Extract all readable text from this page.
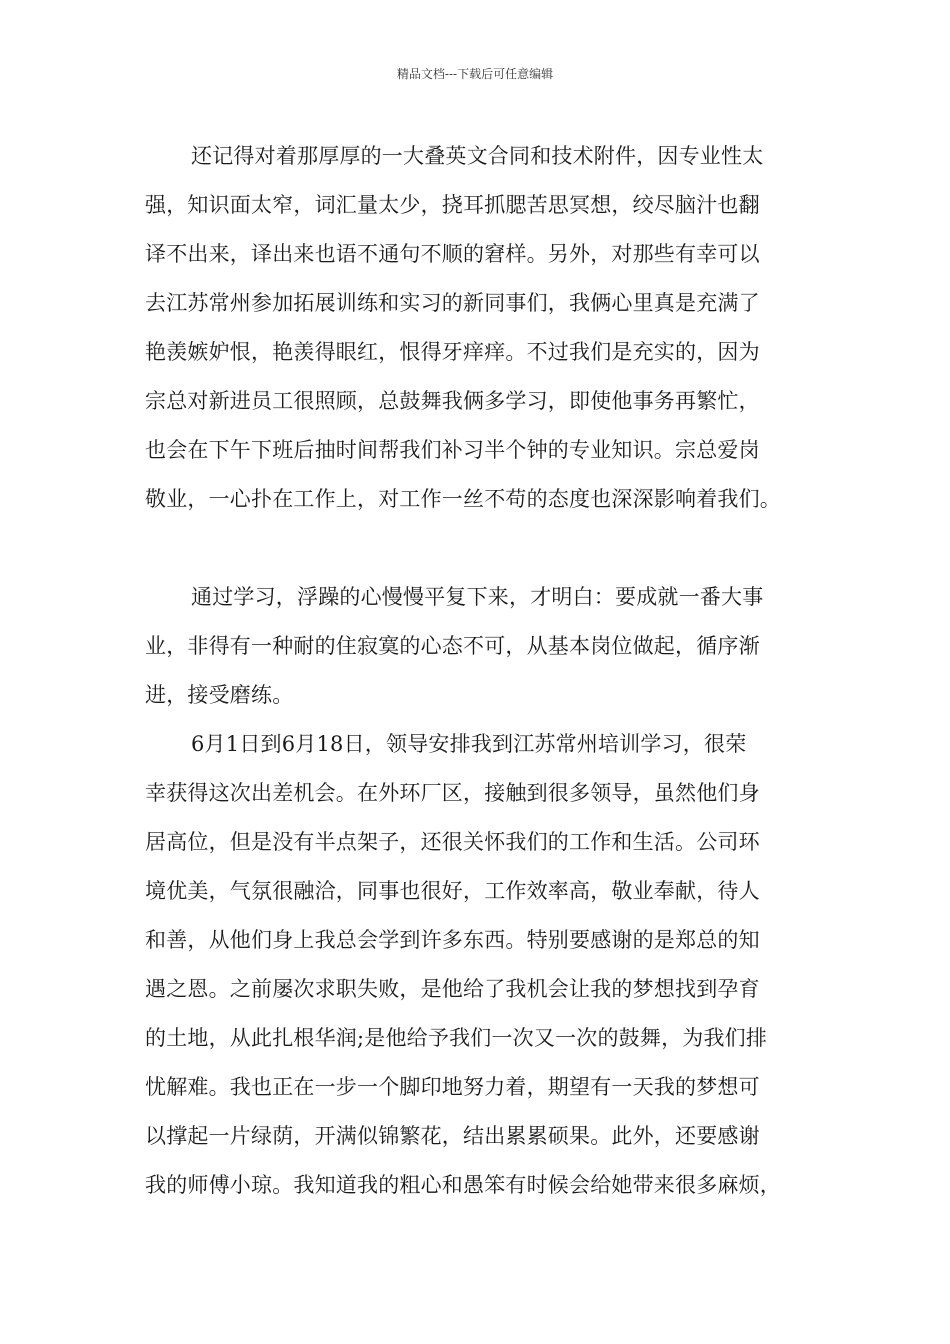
精品文档---下载后可任意编辑
还记得对着那厚厚的一大叠英文合同和技术附件，因专业性太
强，知识面太窄，词汇量太少，挠耳抓腮苦思冥想，绞尽脑汁也翻
译不出来，译出来也语不通句不顺的窘样。另外，对那些有幸可以
去江苏常州参加拓展训练和实习的新同事们，我俩心里真是充满了
艳羡嫉妒恨，艳羡得眼红，恨得牙痒痒。不过我们是充实的，因为
宗总对新进员工很照顾，总鼓舞我俩多学习，即使他事务再繁忙，
也会在下午下班后抽时间帮我们补习半个钟的专业知识。宗总爱岗
敬业，一心扑在工作上，对工作一丝不苟的态度也深深影响着我们。
通过学习，浮躁的心慢慢平复下来，才明白：要成就一番大事
业，非得有一种耐的住寂寞的心态不可，从基本岗位做起，循序渐
进，接受磨练。
6月1日到6月18日，领导安排我到江苏常州培训学习，很荣
幸获得这次出差机会。在外环厂区，接触到很多领导，虽然他们身
居高位，但是没有半点架子，还很关怀我们的工作和生活。公司环
境优美，气氛很融洽，同事也很好，工作效率高，敬业奉献，待人
和善，从他们身上我总会学到许多东西。特别要感谢的是郑总的知
遇之恩。之前屡次求职失败，是他给了我机会让我的梦想找到孕育
的土地，从此扎根华润;是他给予我们一次又一次的鼓舞，为我们排
忧解难。我也正在一步一个脚印地努力着，期望有一天我的梦想可
以撑起一片绿荫，开满似锦繁花，结出累累硕果。此外，还要感谢
我的师傅小琼。我知道我的粗心和愚笨有时候会给她带来很多麻烦，
